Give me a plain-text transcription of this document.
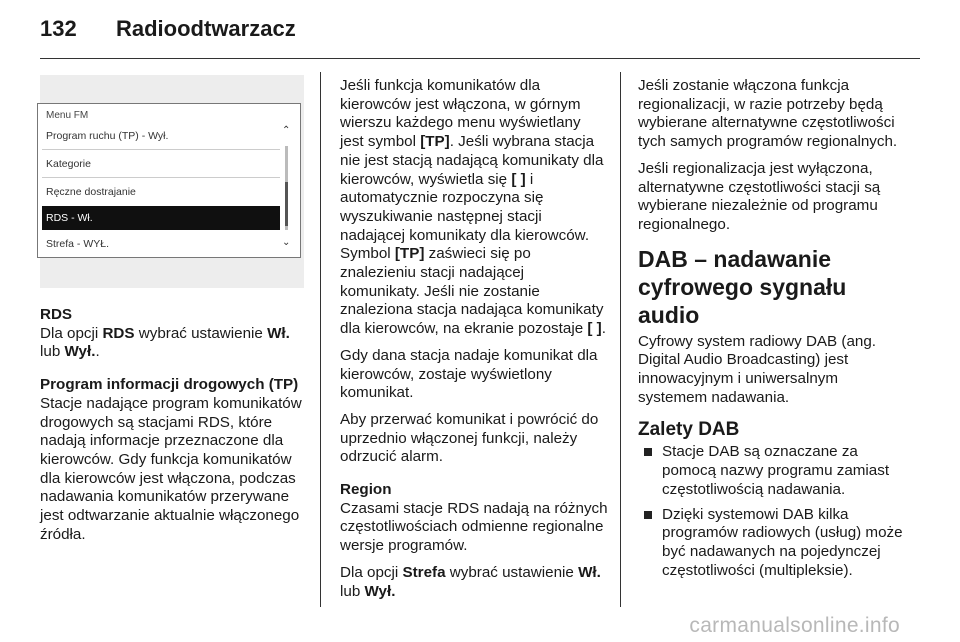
132 Radioodtwarzacz
Menu FM
Program ruchu (TP) - Wył.
Kategorie
Ręczne dostrajanie
RDS - Wł.
Strefa - WYŁ.
⌃
⌄
RDS

Dla opcji RDS wybrać ustawienie Wł. lub Wył..

Program informacji drogowych (TP)

Stacje nadające program komunikatów drogowych są stacjami RDS, które nadają informacje przeznaczone dla kierowców. Gdy funkcja komunikatów dla kierowców jest włączona, podczas nadawania komunikatów przerywane jest odtwarzanie aktualnie włączonego źródła.

Jeśli funkcja komunikatów dla kierowców jest włączona, w górnym wierszu każdego menu wyświetlany jest symbol [TP]. Jeśli wybrana stacja nie jest stacją nadającą komunikaty dla kierowców, wyświetla się [ ] i automatycznie rozpoczyna się wyszukiwanie następnej stacji nadającej komunikaty dla kierowców. Symbol [TP] zaświeci się po znalezieniu stacji nadającej komunikaty. Jeśli nie zostanie znaleziona stacja nadająca komunikaty dla kierowców, na ekranie pozostaje [ ].

Gdy dana stacja nadaje komunikat dla kierowców, zostaje wyświetlony komunikat.

Aby przerwać komunikat i powrócić do uprzednio włączonej funkcji, należy odrzucić alarm.

Region

Czasami stacje RDS nadają na różnych częstotliwościach odmienne regionalne wersje programów.

Dla opcji Strefa wybrać ustawienie Wł. lub Wył.

Jeśli zostanie włączona funkcja regionalizacji, w razie potrzeby będą wybierane alternatywne częstotliwości tych samych programów regionalnych.

Jeśli regionalizacja jest wyłączona, alternatywne częstotliwości stacji są wybierane niezależnie od programu regionalnego.

DAB – nadawanie cyfrowego sygnału audio

Cyfrowy system radiowy DAB (ang. Digital Audio Broadcasting) jest innowacyjnym i uniwersalnym systemem nadawania.

Zalety DAB
Stacje DAB są oznaczane za pomocą nazwy programu zamiast częstotliwością nadawania.
Dzięki systemowi DAB kilka programów radiowych (usług) może być nadawanych na pojedynczej częstotliwości (multipleksie).
carmanualsonline.info
